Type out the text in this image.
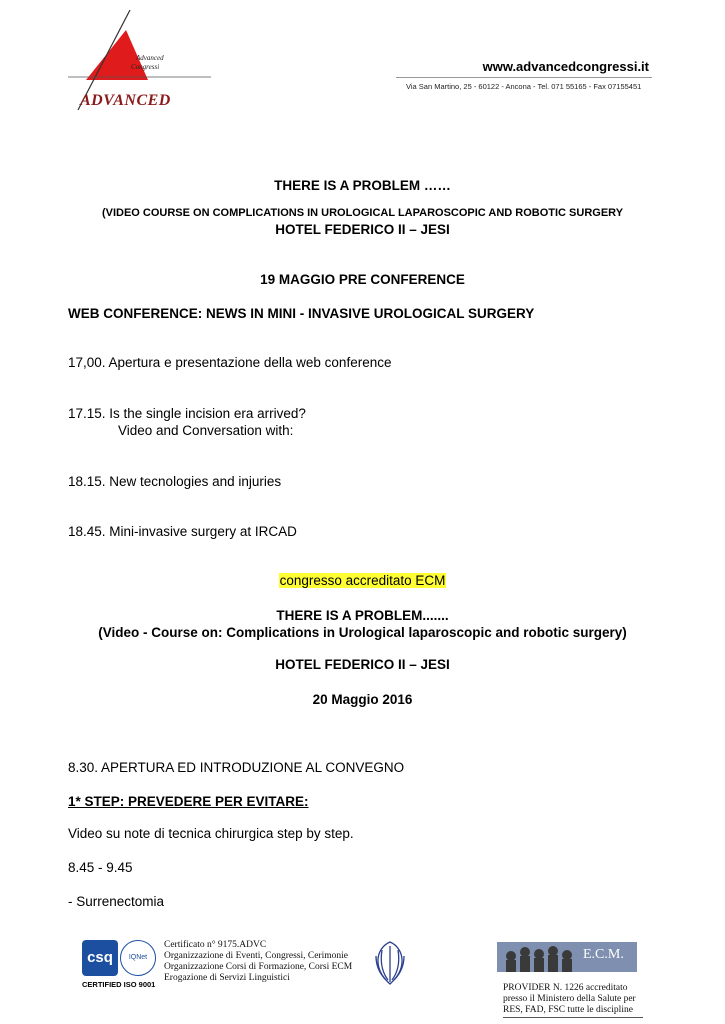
Advanced
Congressi
ADVANCED
www.advancedcongressi.it
Via San Martino, 25 - 60122 - Ancona - Tel. 071 55165 - Fax 07155451
THERE IS A PROBLEM ……
(VIDEO COURSE ON COMPLICATIONS IN UROLOGICAL LAPAROSCOPIC AND ROBOTIC SURGERY
HOTEL FEDERICO II – JESI
19 MAGGIO PRE CONFERENCE
WEB CONFERENCE: NEWS IN MINI - INVASIVE UROLOGICAL SURGERY
17,00. Apertura e presentazione della web conference
17.15. Is the single incision era arrived?
Video and Conversation with:
18.15. New tecnologies and injuries
18.45. Mini-invasive surgery at IRCAD
congresso accreditato ECM
THERE IS A PROBLEM.......
(Video - Course on: Complications in Urological laparoscopic and robotic surgery)
HOTEL FEDERICO II – JESI
20 Maggio 2016
8.30. APERTURA ED INTRODUZIONE AL CONVEGNO
1* STEP: PREVEDERE PER EVITARE:
Video su note di tecnica chirurgica step by step.
8.45 - 9.45
- Surrenectomia
csq	IQNet
CERTIFIED ISO 9001
Certificato n° 9175.ADVC
Organizzazione di Eventi, Congressi, Cerimonie
Organizzazione Corsi di Formazione, Corsi ECM
Erogazione di Servizi Linguistici
E.C.M.
PROVIDER N. 1226 accreditato
presso il Ministero della Salute per
RES, FAD, FSC tutte le discipline
